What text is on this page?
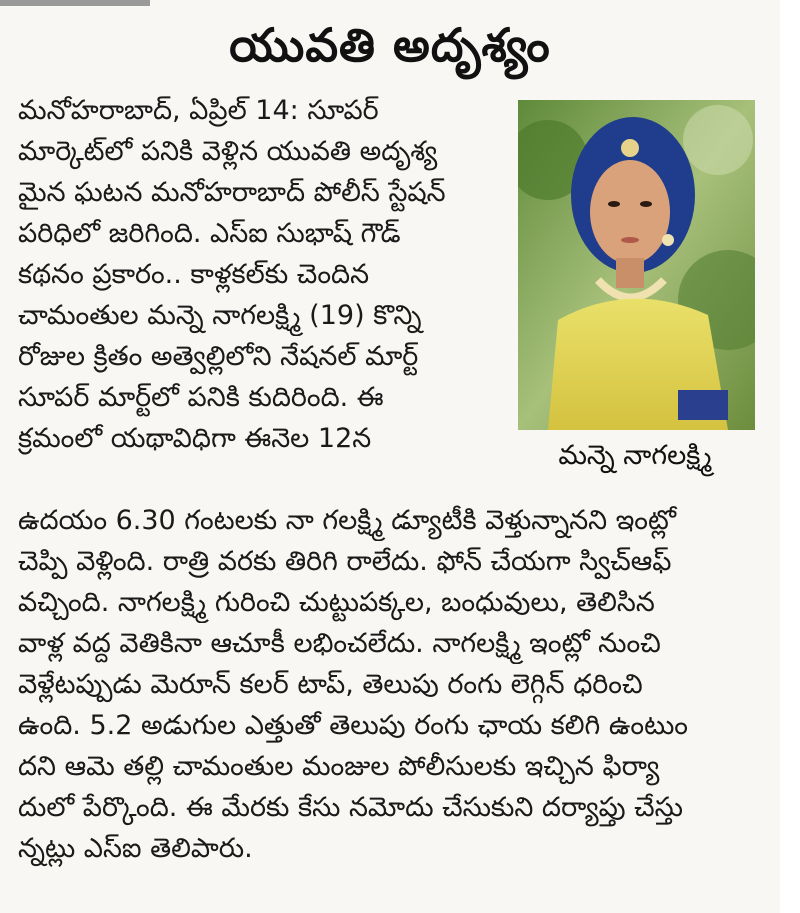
యువతి అదృశ్యం
మనోహరాబాద్, ఏప్రిల్ 14: సూపర్
మార్కెట్‌లో పనికి వెళ్లిన యువతి అదృశ్య
మైన ఘటన మనోహరాబాద్ పోలీస్ స్టేషన్
పరిధిలో జరిగింది. ఎస్ఐ సుభాష్ గౌడ్
కథనం ప్రకారం.. కాళ్లకల్‌కు చెందిన
చామంతుల మన్నె నాగలక్ష్మి (19) కొన్ని
రోజుల క్రితం అత్వెల్లిలోని నేషనల్ మార్ట్
సూపర్ మార్ట్‌లో పనికి కుదిరింది. ఈ
క్రమంలో యథావిధిగా ఈనెల 12న
మన్నె నాగలక్ష్మి
ఉదయం 6.30 గంటలకు నా గలక్ష్మి డ్యూటీకి వెళ్తున్నానని ఇంట్లో
చెప్పి వెళ్లింది. రాత్రి వరకు తిరిగి రాలేదు. ఫోన్ చేయగా స్విచ్ఆఫ్
వచ్చింది. నాగలక్ష్మి గురించి చుట్టుపక్కల, బంధువులు, తెలిసిన
వాళ్ల వద్ద వెతికినా ఆచూకీ లభించలేదు. నాగలక్ష్మి ఇంట్లో నుంచి
వెళ్లేటప్పుడు మెరూన్ కలర్ టాప్, తెలుపు రంగు లెగ్గిన్ ధరించి
ఉంది. 5.2 అడుగుల ఎత్తుతో తెలుపు రంగు ఛాయ కలిగి ఉంటుం
దని ఆమె తల్లి చామంతుల మంజుల పోలీసులకు ఇచ్చిన ఫిర్యా
దులో పేర్కొంది. ఈ మేరకు కేసు నమోదు చేసుకుని దర్యాప్తు చేస్తు
న్నట్లు ఎస్ఐ తెలిపారు.
